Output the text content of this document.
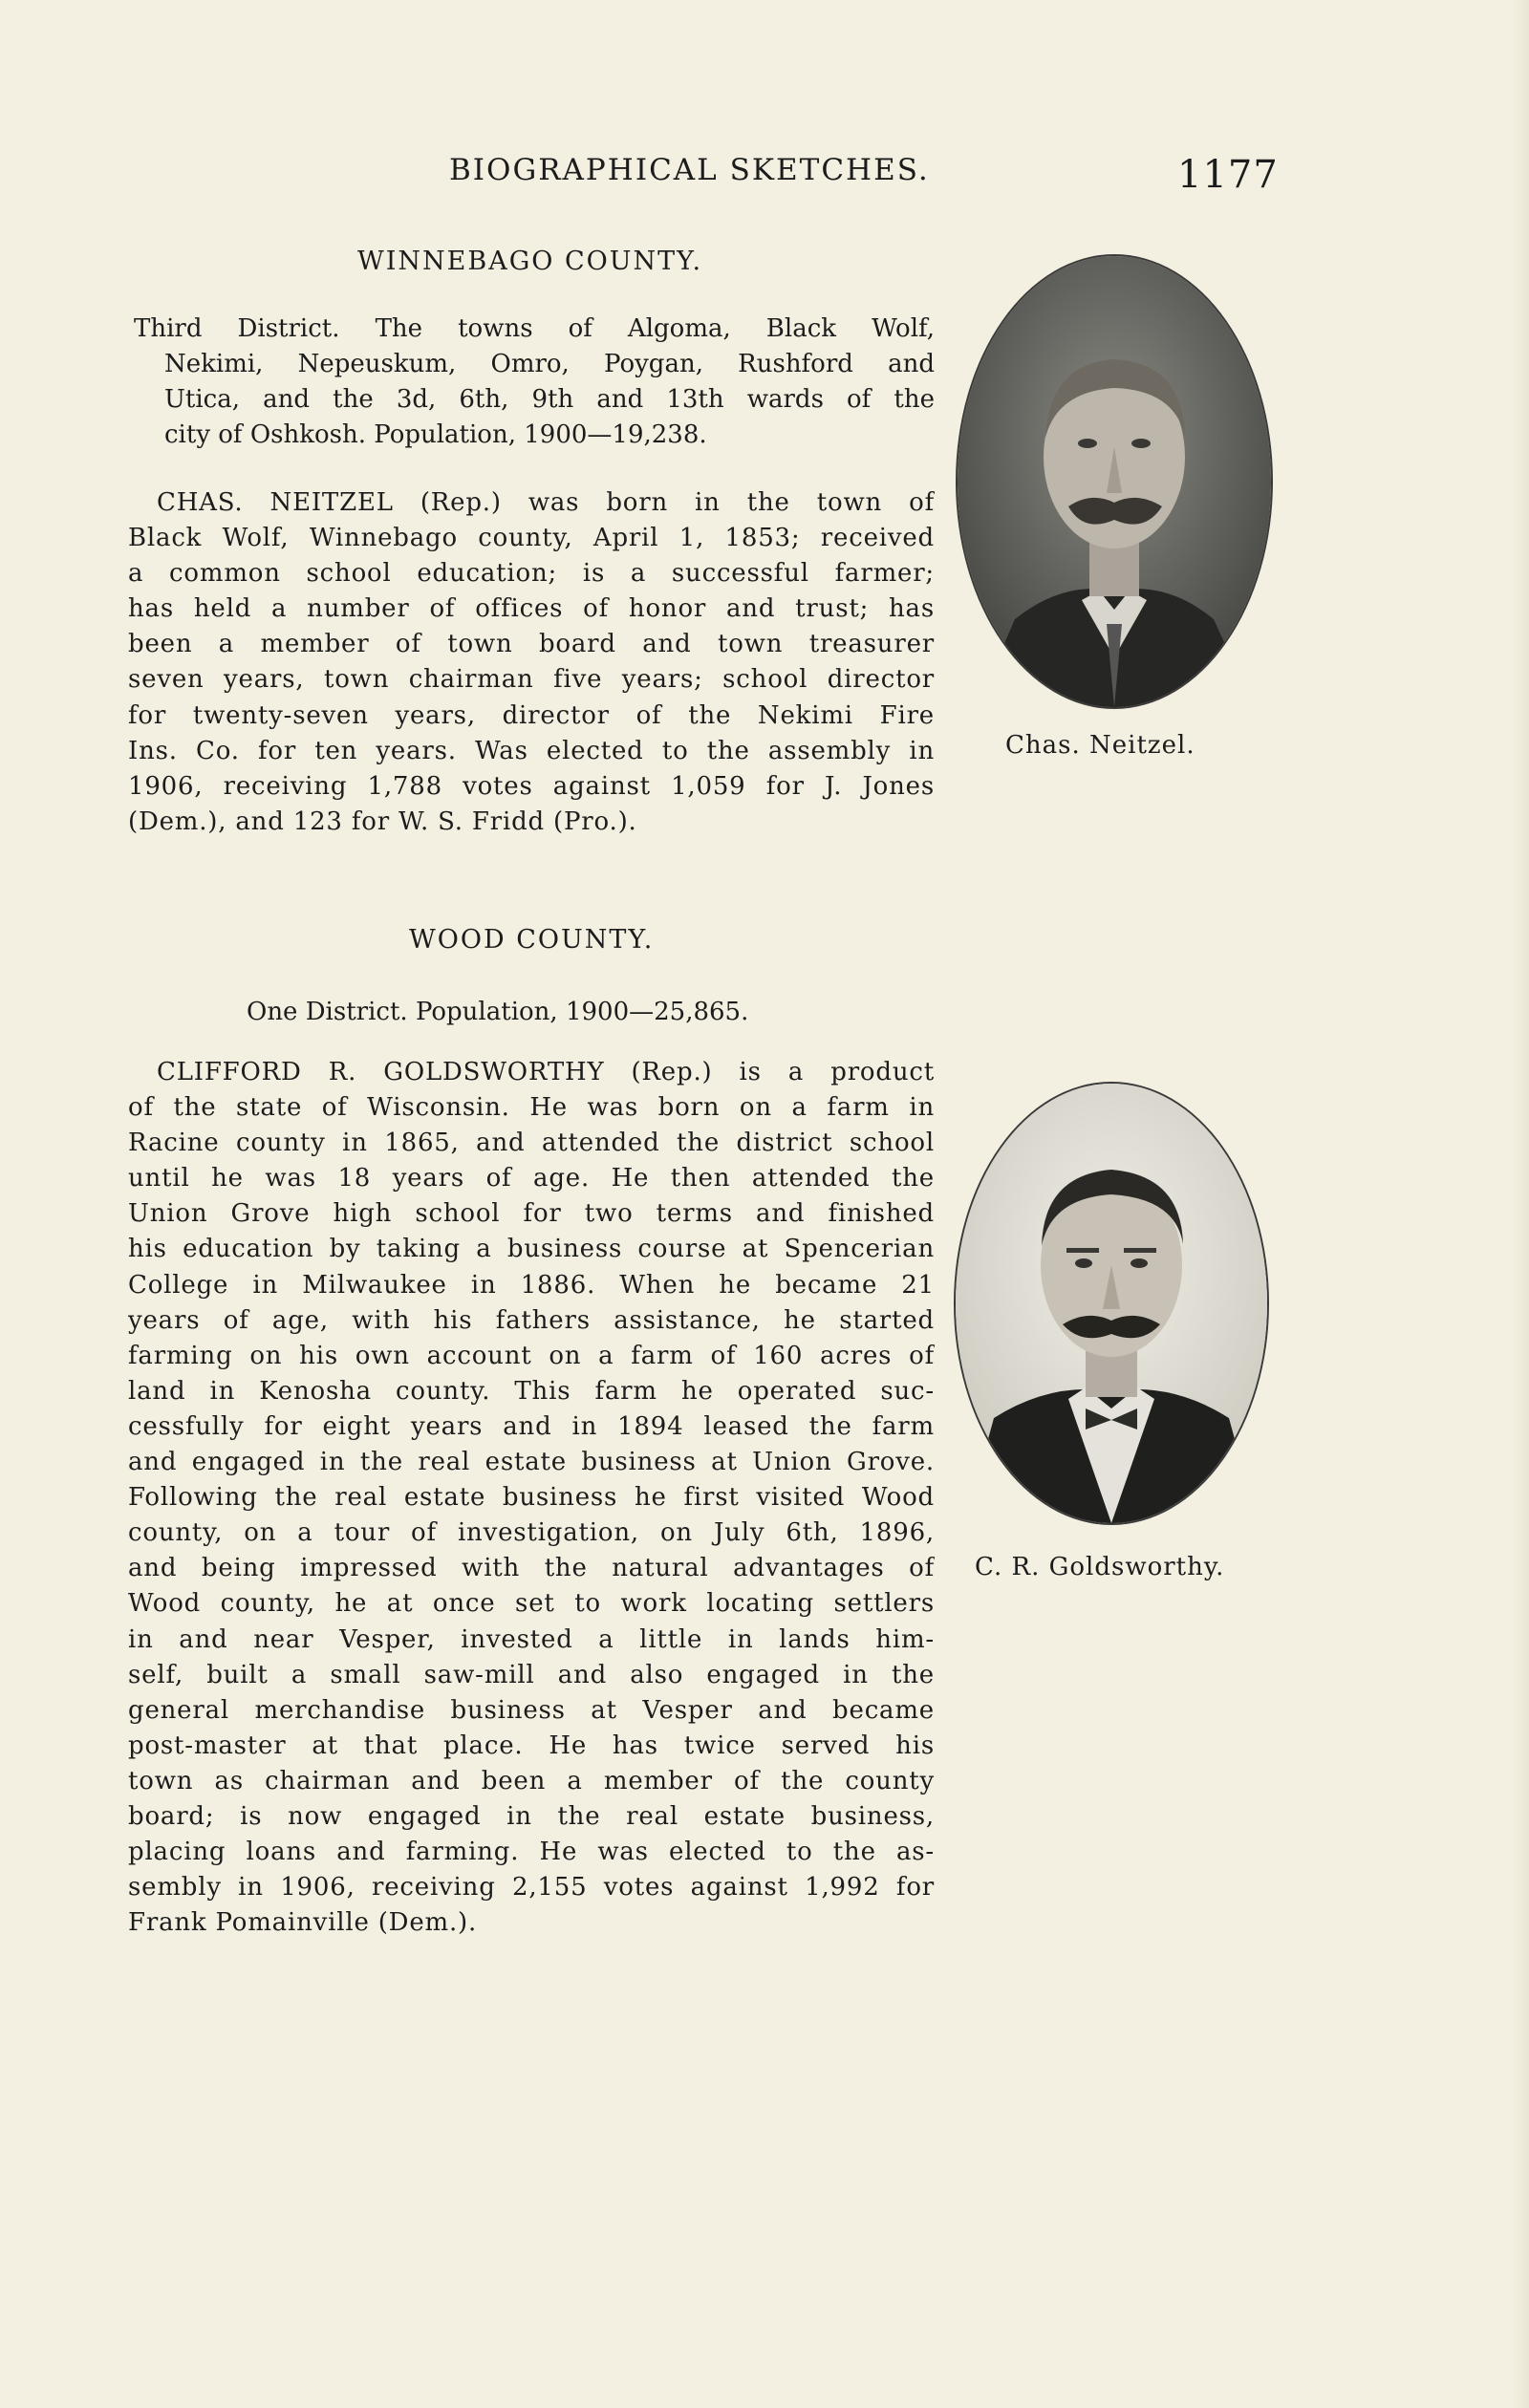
BIOGRAPHICAL SKETCHES.	1177
WINNEBAGO COUNTY.
Third District. The towns of Algoma, Black Wolf,
Nekimi, Nepeuskum, Omro, Poygan, Rushford and
Utica, and the 3d, 6th, 9th and 13th wards of the
city of Oshkosh. Population, 1900—19,238.
CHAS. NEITZEL (Rep.) was born in the town of
Black Wolf, Winnebago county, April 1, 1853; received
a common school education; is a successful farmer;
has held a number of offices of honor and trust; has
been a member of town board and town treasurer
seven years, town chairman five years; school director
for twenty-seven years, director of the Nekimi Fire
Ins. Co. for ten years. Was elected to the assembly in
1906, receiving 1,788 votes against 1,059 for J. Jones
(Dem.), and 123 for W. S. Fridd (Pro.).
Chas. Neitzel.
WOOD COUNTY.
One District. Population, 1900—25,865.
CLIFFORD R. GOLDSWORTHY (Rep.) is a product
of the state of Wisconsin. He was born on a farm in
Racine county in 1865, and attended the district school
until he was 18 years of age. He then attended the
Union Grove high school for two terms and finished
his education by taking a business course at Spencerian
College in Milwaukee in 1886. When he became 21
years of age, with his fathers assistance, he started
farming on his own account on a farm of 160 acres of
land in Kenosha county. This farm he operated suc-
cessfully for eight years and in 1894 leased the farm
and engaged in the real estate business at Union Grove.
Following the real estate business he first visited Wood
county, on a tour of investigation, on July 6th, 1896,
and being impressed with the natural advantages of
Wood county, he at once set to work locating settlers
in and near Vesper, invested a little in lands him-
self, built a small saw-mill and also engaged in the
general merchandise business at Vesper and became
post-master at that place. He has twice served his
town as chairman and been a member of the county
board; is now engaged in the real estate business,
placing loans and farming. He was elected to the as-
sembly in 1906, receiving 2,155 votes against 1,992 for
Frank Pomainville (Dem.).
C. R. Goldsworthy.
